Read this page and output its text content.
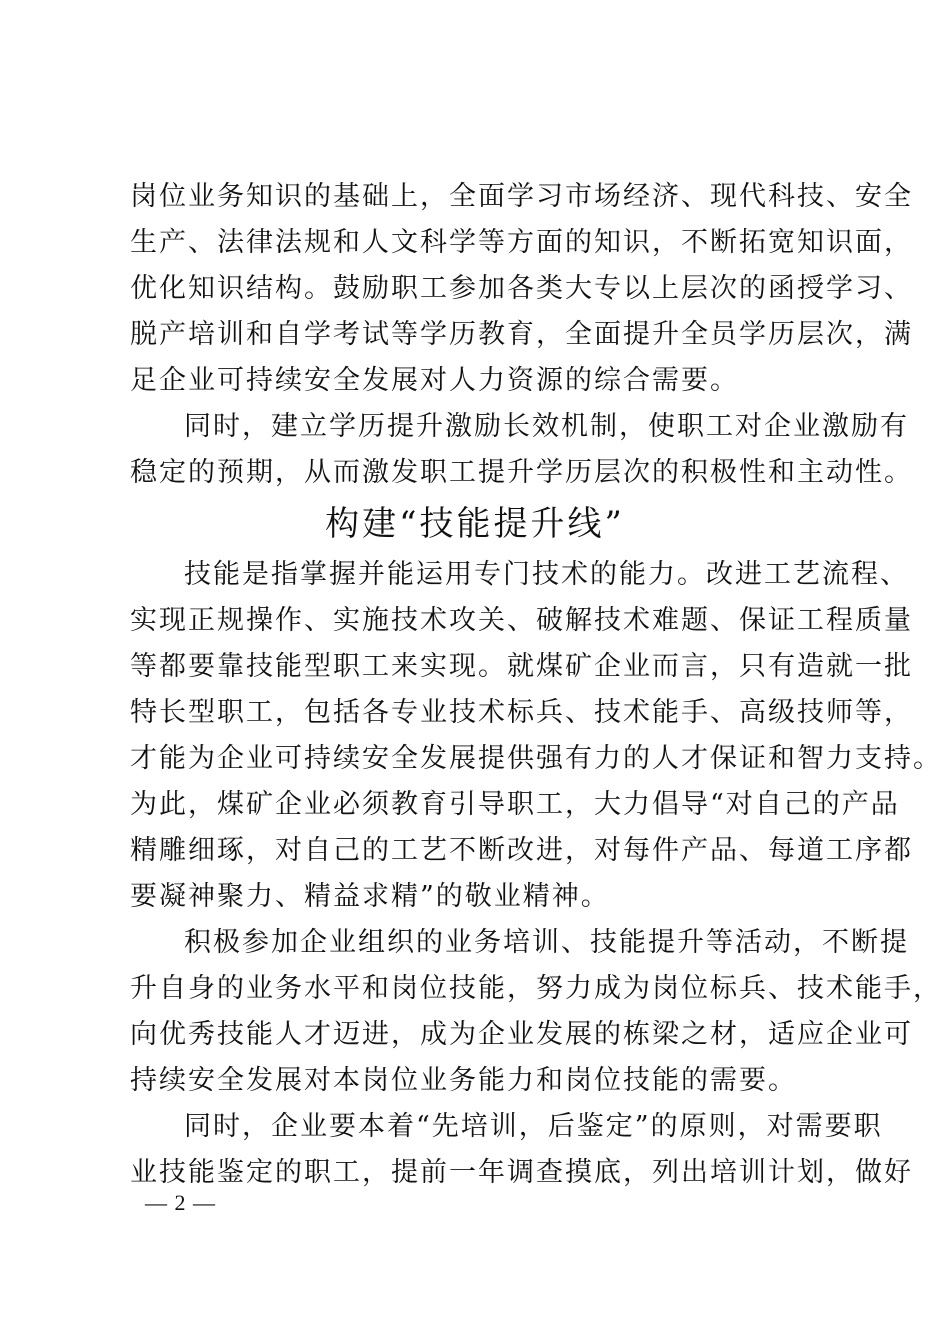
岗位业务知识的基础上，全面学习市场经济、现代科技、安全
生产、法律法规和人文科学等方面的知识，不断拓宽知识面，
优化知识结构。鼓励职工参加各类大专以上层次的函授学习、
脱产培训和自学考试等学历教育，全面提升全员学历层次，满
足企业可持续安全发展对人力资源的综合需要。

同时，建立学历提升激励长效机制，使职工对企业激励有
稳定的预期，从而激发职工提升学历层次的积极性和主动性。

构建“技能提升线”

技能是指掌握并能运用专门技术的能力。改进工艺流程、
实现正规操作、实施技术攻关、破解技术难题、保证工程质量
等都要靠技能型职工来实现。就煤矿企业而言，只有造就一批
特长型职工，包括各专业技术标兵、技术能手、高级技师等，
才能为企业可持续安全发展提供强有力的人才保证和智力支持。
为此，煤矿企业必须教育引导职工，大力倡导“对自己的产品
精雕细琢，对自己的工艺不断改进，对每件产品、每道工序都
要凝神聚力、精益求精”的敬业精神。

积极参加企业组织的业务培训、技能提升等活动，不断提
升自身的业务水平和岗位技能，努力成为岗位标兵、技术能手，
向优秀技能人才迈进，成为企业发展的栋梁之材，适应企业可
持续安全发展对本岗位业务能力和岗位技能的需要。

同时，企业要本着“先培训，后鉴定”的原则，对需要职
业技能鉴定的职工，提前一年调查摸底，列出培训计划，做好

— 2 —
